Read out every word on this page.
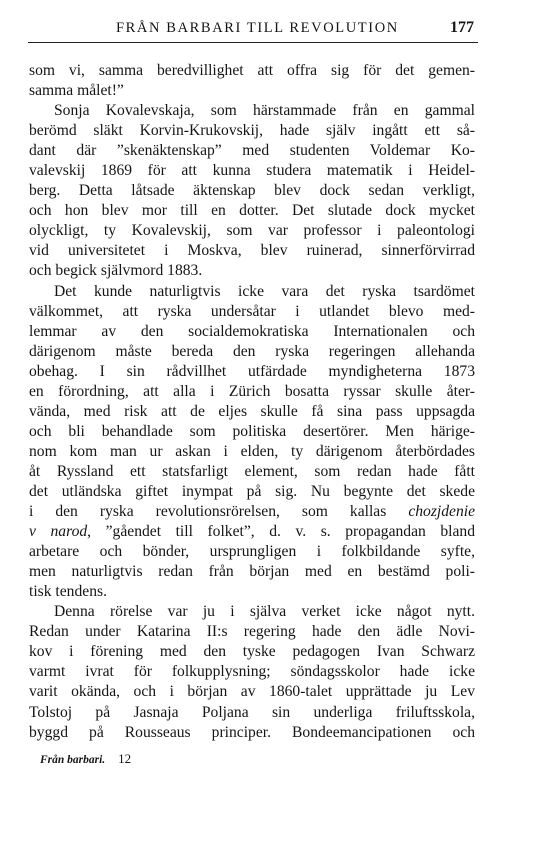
FRÅN BARBARI TILL REVOLUTION	177
som vi, samma beredvillighet att offra sig för det gemen-
samma målet!”
Sonja Kovalevskaja, som härstammade från en gammal
berömd släkt Korvin-Krukovskij, hade själv ingått ett så-
dant där ”skenäktenskap” med studenten Voldemar Ko-
valevskij 1869 för att kunna studera matematik i Heidel-
berg. Detta låtsade äktenskap blev dock sedan verkligt,
och hon blev mor till en dotter. Det slutade dock mycket
olyckligt, ty Kovalevskij, som var professor i paleontologi
vid universitetet i Moskva, blev ruinerad, sinnerförvirrad
och begick självmord 1883.
Det kunde naturligtvis icke vara det ryska tsardömet
välkommet, att ryska undersåtar i utlandet blevo med-
lemmar av den socialdemokratiska Internationalen och
därigenom måste bereda den ryska regeringen allehanda
obehag. I sin rådvillhet utfärdade myndigheterna 1873
en förordning, att alla i Zürich bosatta ryssar skulle åter-
vända, med risk att de eljes skulle få sina pass uppsagda
och bli behandlade som politiska desertörer. Men härige-
nom kom man ur askan i elden, ty därigenom återbördades
åt Ryssland ett statsfarligt element, som redan hade fått
det utländska giftet inympat på sig. Nu begynte det skede
i den ryska revolutionsrörelsen, som kallas chozjdenie
v narod, ”gåendet till folket”, d. v. s. propagandan bland
arbetare och bönder, ursprungligen i folkbildande syfte,
men naturligtvis redan från början med en bestämd poli-
tisk tendens.
Denna rörelse var ju i själva verket icke något nytt.
Redan under Katarina II:s regering hade den ädle Novi-
kov i förening med den tyske pedagogen Ivan Schwarz
varmt ivrat för folkupplysning; söndagsskolor hade icke
varit okända, och i början av 1860-talet upprättade ju Lev
Tolstoj på Jasnaja Poljana sin underliga friluftsskola,
byggd på Rousseaus principer. Bondeemancipationen och
Från barbari. 12
